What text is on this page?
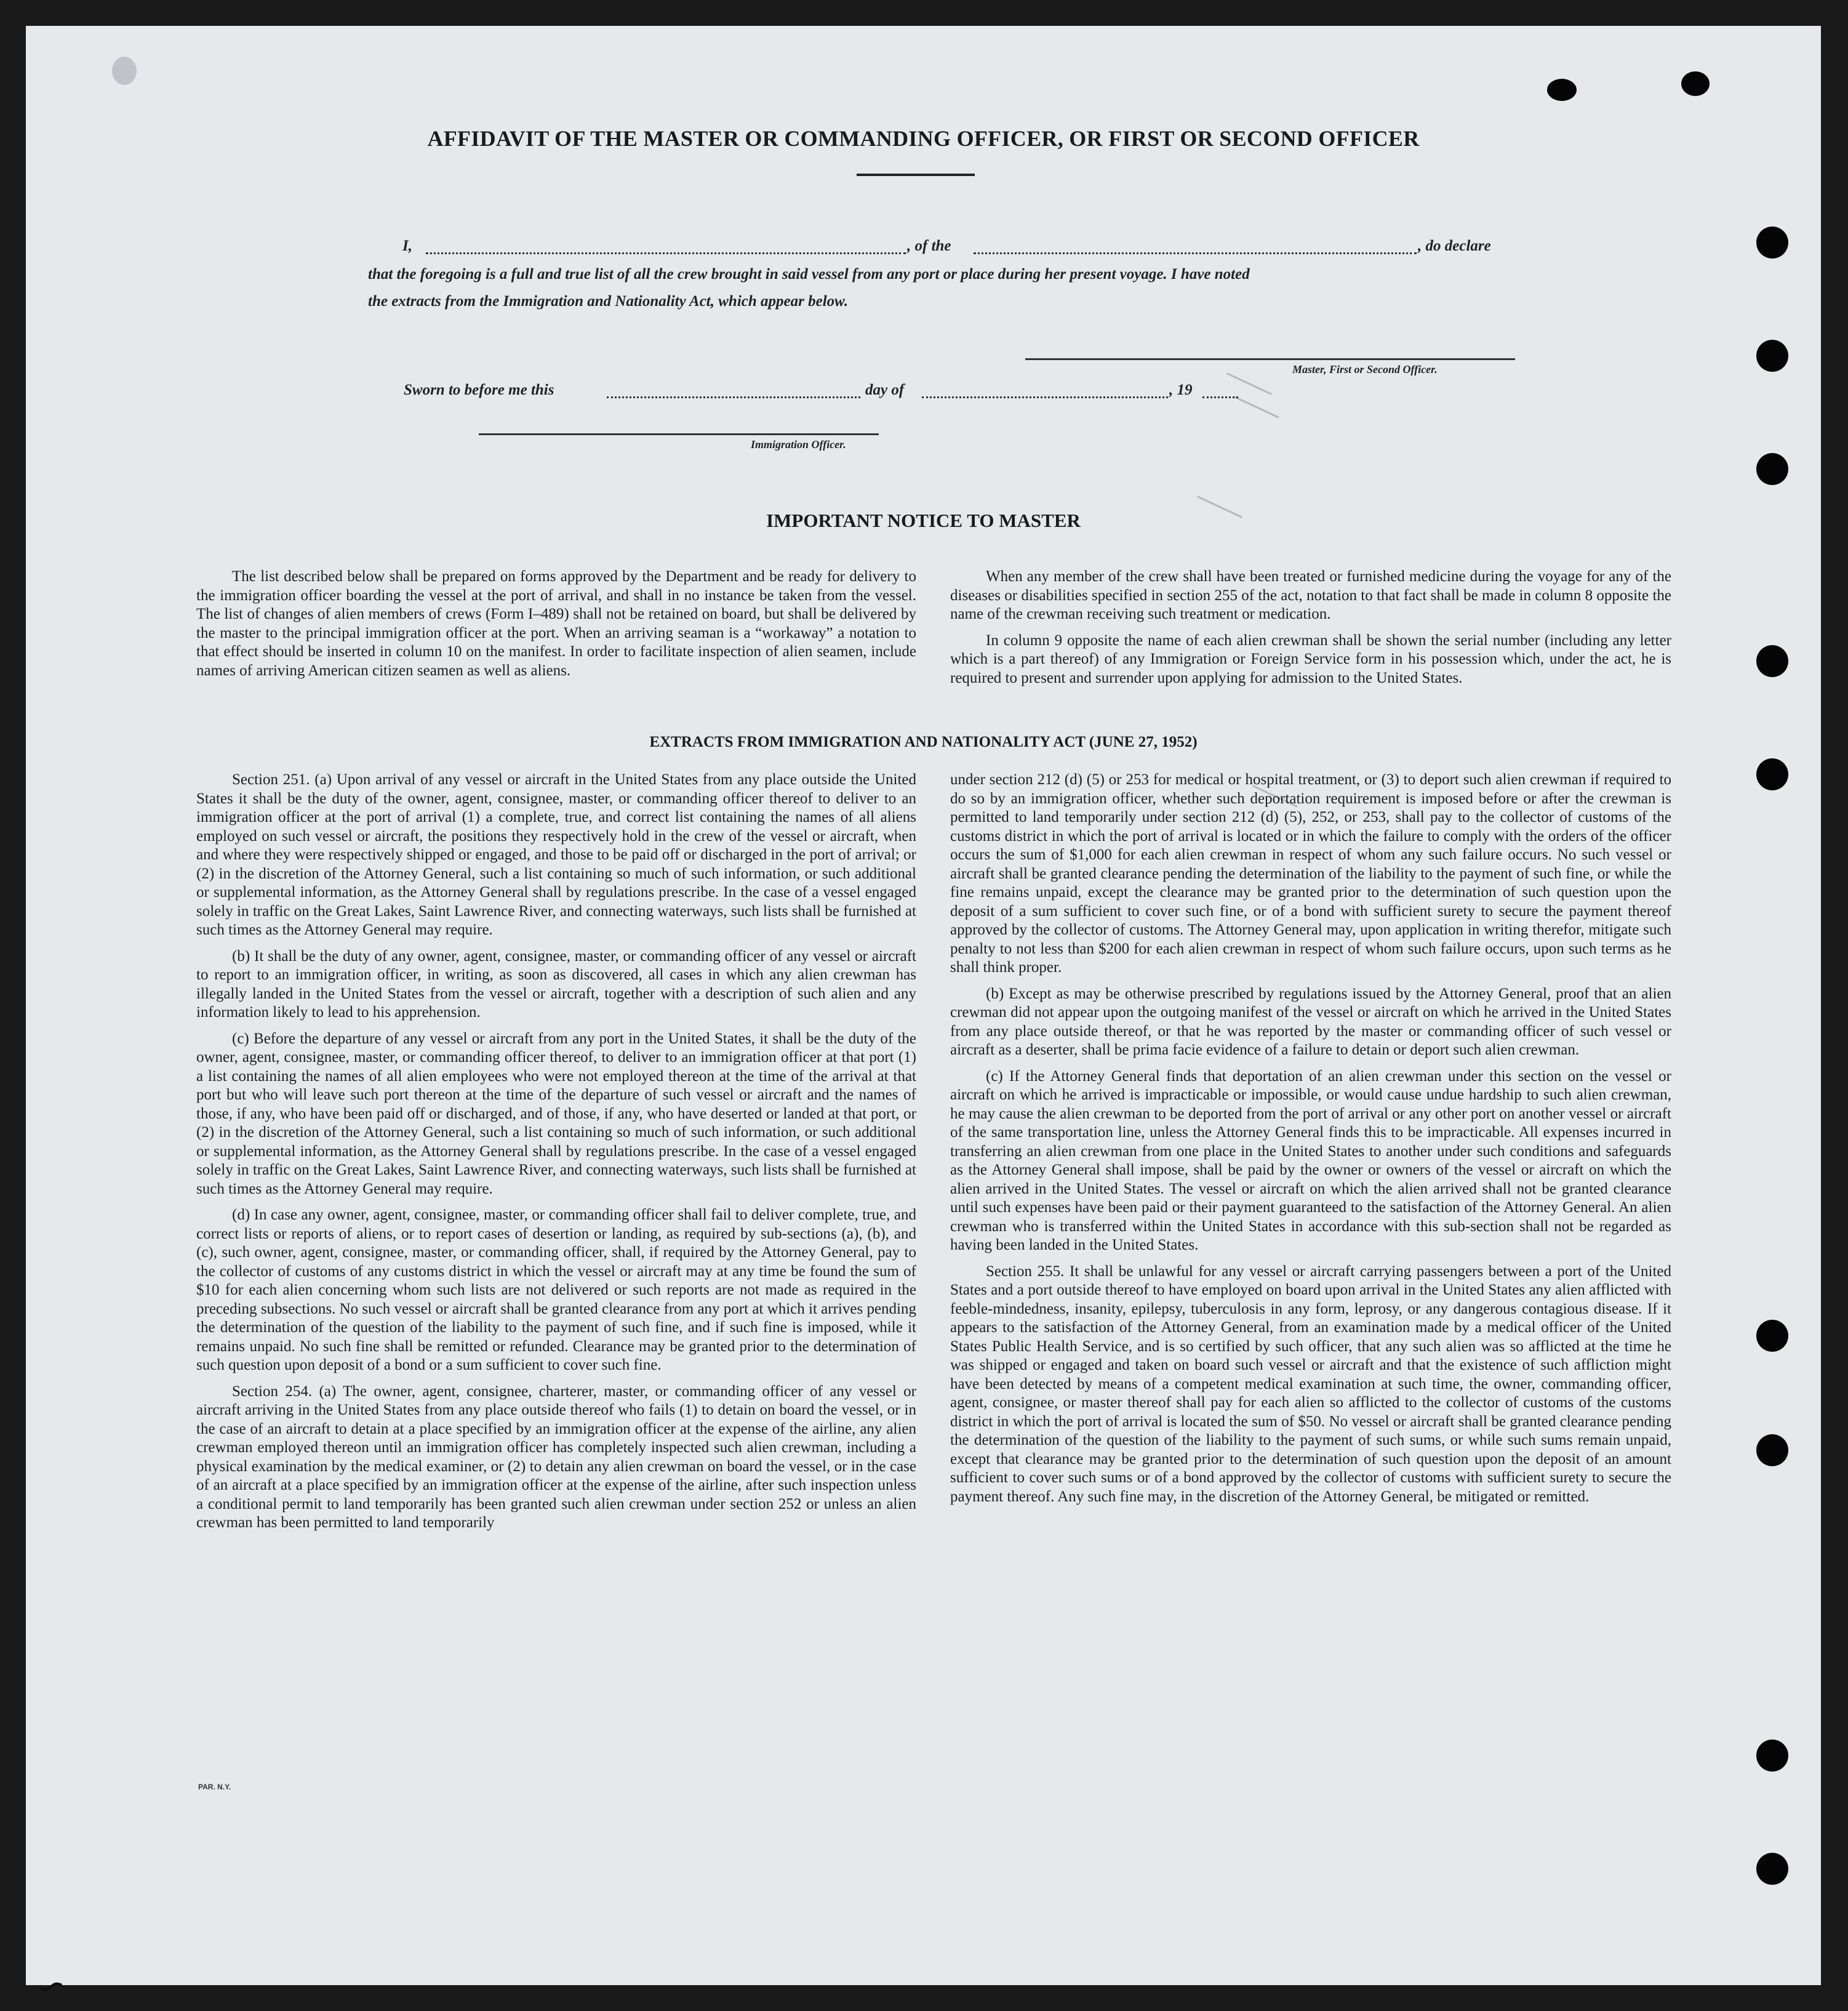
AFFIDAVIT OF THE MASTER OR COMMANDING OFFICER, OR FIRST OR SECOND OFFICER
I,	, of the	, do declare
that the foregoing is a full and true list of all the crew brought in said vessel from any port or place during her present voyage. I have noted
the extracts from the Immigration and Nationality Act, which appear below.
Master, First or Second Officer.
Sworn to before me this	day of	, 19
Immigration Officer.
IMPORTANT NOTICE TO MASTER

The list described below shall be prepared on forms approved by the Department and be ready for delivery to the immigration officer boarding the vessel at the port of arrival, and shall in no instance be taken from the vessel. The list of changes of alien members of crews (Form I–489) shall not be retained on board, but shall be delivered by the master to the principal immigration officer at the port. When an arriving seaman is a “workaway” a notation to that effect should be inserted in column 10 on the manifest. In order to facilitate inspection of alien seamen, include names of arriving American citizen seamen as well as aliens.

When any member of the crew shall have been treated or furnished medicine during the voyage for any of the diseases or disabilities specified in section 255 of the act, notation to that fact shall be made in column 8 opposite the name of the crewman receiving such treatment or medication.

In column 9 opposite the name of each alien crewman shall be shown the serial number (including any letter which is a part thereof) of any Immigration or Foreign Service form in his possession which, under the act, he is required to present and surrender upon applying for admission to the United States.

EXTRACTS FROM IMMIGRATION AND NATIONALITY ACT (JUNE 27, 1952)

Section 251. (a) Upon arrival of any vessel or aircraft in the United States from any place outside the United States it shall be the duty of the owner, agent, consignee, master, or commanding officer thereof to deliver to an immigration officer at the port of arrival (1) a complete, true, and correct list containing the names of all aliens employed on such vessel or aircraft, the positions they respectively hold in the crew of the vessel or aircraft, when and where they were respectively shipped or engaged, and those to be paid off or discharged in the port of arrival; or (2) in the discretion of the Attorney General, such a list containing so much of such information, or such additional or supplemental information, as the Attorney General shall by regulations prescribe. In the case of a vessel engaged solely in traffic on the Great Lakes, Saint Lawrence River, and connecting waterways, such lists shall be furnished at such times as the Attorney General may require.

(b) It shall be the duty of any owner, agent, consignee, master, or commanding officer of any vessel or aircraft to report to an immigration officer, in writing, as soon as discovered, all cases in which any alien crewman has illegally landed in the United States from the vessel or aircraft, together with a description of such alien and any information likely to lead to his apprehension.

(c) Before the departure of any vessel or aircraft from any port in the United States, it shall be the duty of the owner, agent, consignee, master, or commanding officer thereof, to deliver to an immigration officer at that port (1) a list containing the names of all alien employees who were not employed thereon at the time of the arrival at that port but who will leave such port thereon at the time of the departure of such vessel or aircraft and the names of those, if any, who have been paid off or discharged, and of those, if any, who have deserted or landed at that port, or (2) in the discretion of the Attorney General, such a list containing so much of such information, or such additional or supplemental information, as the Attorney General shall by regulations prescribe. In the case of a vessel engaged solely in traffic on the Great Lakes, Saint Lawrence River, and connecting waterways, such lists shall be furnished at such times as the Attorney General may require.

(d) In case any owner, agent, consignee, master, or commanding officer shall fail to deliver complete, true, and correct lists or reports of aliens, or to report cases of desertion or landing, as required by sub-sections (a), (b), and (c), such owner, agent, consignee, master, or commanding officer, shall, if required by the Attorney General, pay to the collector of customs of any customs district in which the vessel or aircraft may at any time be found the sum of $10 for each alien concerning whom such lists are not delivered or such reports are not made as required in the preceding subsections. No such vessel or aircraft shall be granted clearance from any port at which it arrives pending the determination of the question of the liability to the payment of such fine, and if such fine is imposed, while it remains unpaid. No such fine shall be remitted or refunded. Clearance may be granted prior to the determination of such question upon deposit of a bond or a sum sufficient to cover such fine.

Section 254. (a) The owner, agent, consignee, charterer, master, or commanding officer of any vessel or aircraft arriving in the United States from any place outside thereof who fails (1) to detain on board the vessel, or in the case of an aircraft to detain at a place specified by an immigration officer at the expense of the airline, any alien crewman employed thereon until an immigration officer has completely inspected such alien crewman, including a physical examination by the medical examiner, or (2) to detain any alien crewman on board the vessel, or in the case of an aircraft at a place specified by an immigration officer at the expense of the airline, after such inspection unless a conditional permit to land temporarily has been granted such alien crewman under section 252 or unless an alien crewman has been permitted to land temporarily

under section 212 (d) (5) or 253 for medical or hospital treatment, or (3) to deport such alien crewman if required to do so by an immigration officer, whether such deportation requirement is imposed before or after the crewman is permitted to land temporarily under section 212 (d) (5), 252, or 253, shall pay to the collector of customs of the customs district in which the port of arrival is located or in which the failure to comply with the orders of the officer occurs the sum of $1,000 for each alien crewman in respect of whom any such failure occurs. No such vessel or aircraft shall be granted clearance pending the determination of the liability to the payment of such fine, or while the fine remains unpaid, except the clearance may be granted prior to the determination of such question upon the deposit of a sum sufficient to cover such fine, or of a bond with sufficient surety to secure the payment thereof approved by the collector of customs. The Attorney General may, upon application in writing therefor, mitigate such penalty to not less than $200 for each alien crewman in respect of whom such failure occurs, upon such terms as he shall think proper.

(b) Except as may be otherwise prescribed by regulations issued by the Attorney General, proof that an alien crewman did not appear upon the outgoing manifest of the vessel or aircraft on which he arrived in the United States from any place outside thereof, or that he was reported by the master or commanding officer of such vessel or aircraft as a deserter, shall be prima facie evidence of a failure to detain or deport such alien crewman.

(c) If the Attorney General finds that deportation of an alien crewman under this section on the vessel or aircraft on which he arrived is impracticable or impossible, or would cause undue hardship to such alien crewman, he may cause the alien crewman to be deported from the port of arrival or any other port on another vessel or aircraft of the same transportation line, unless the Attorney General finds this to be impracticable. All expenses incurred in transferring an alien crewman from one place in the United States to another under such conditions and safeguards as the Attorney General shall impose, shall be paid by the owner or owners of the vessel or aircraft on which the alien arrived in the United States. The vessel or aircraft on which the alien arrived shall not be granted clearance until such expenses have been paid or their payment guaranteed to the satisfaction of the Attorney General. An alien crewman who is transferred within the United States in accordance with this sub-section shall not be regarded as having been landed in the United States.

Section 255. It shall be unlawful for any vessel or aircraft carrying passengers between a port of the United States and a port outside thereof to have employed on board upon arrival in the United States any alien afflicted with feeble-mindedness, insanity, epilepsy, tuberculosis in any form, leprosy, or any dangerous contagious disease. If it appears to the satisfaction of the Attorney General, from an examination made by a medical officer of the United States Public Health Service, and is so certified by such officer, that any such alien was so afflicted at the time he was shipped or engaged and taken on board such vessel or aircraft and that the existence of such affliction might have been detected by means of a competent medical examination at such time, the owner, commanding officer, agent, consignee, or master thereof shall pay for each alien so afflicted to the collector of customs of the customs district in which the port of arrival is located the sum of $50. No vessel or aircraft shall be granted clearance pending the determination of the question of the liability to the payment of such sums, or while such sums remain unpaid, except that clearance may be granted prior to the determination of such question upon the deposit of an amount sufficient to cover such sums or of a bond approved by the collector of customs with sufficient surety to secure the payment thereof. Any such fine may, in the discretion of the Attorney General, be mitigated or remitted.

PAR. N.Y.
∽
